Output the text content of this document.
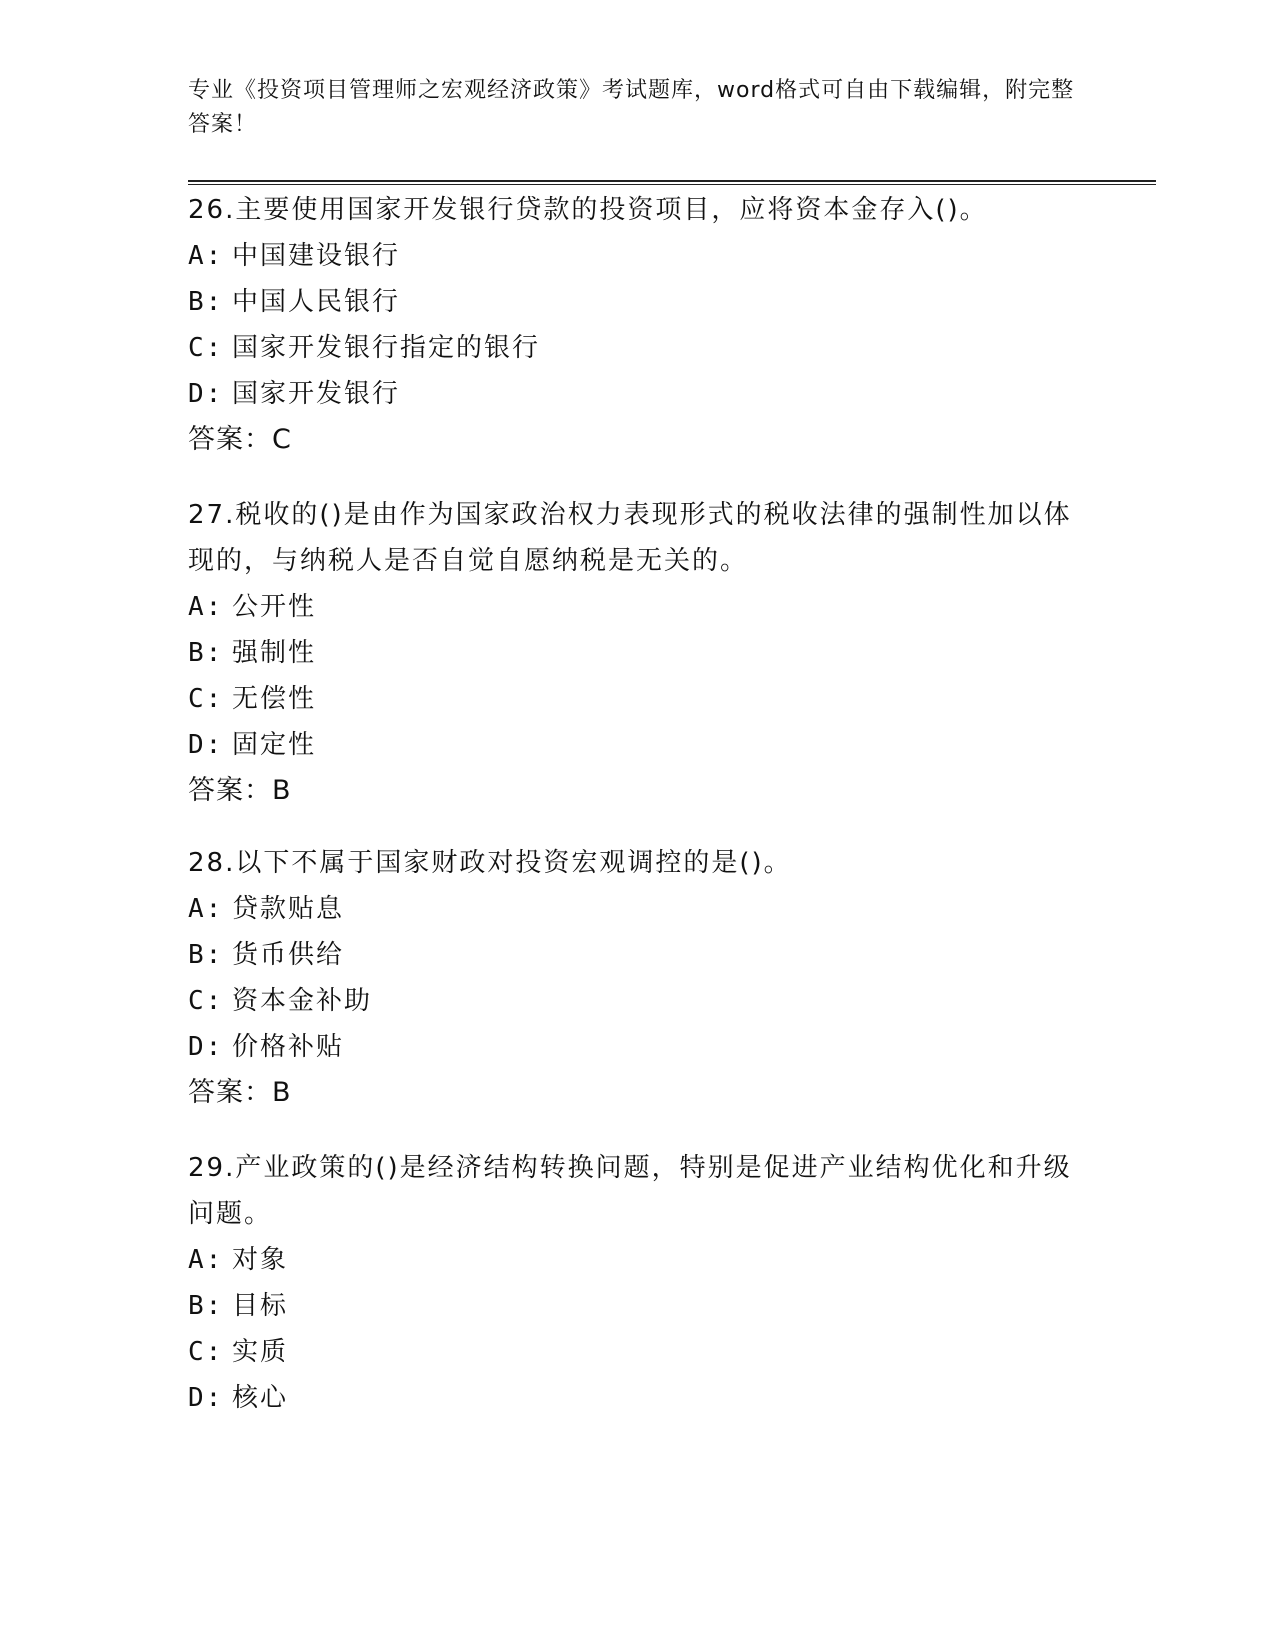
专业《投资项目管理师之宏观经济政策》考试题库，word格式可自由下载编辑，附完整答案！
26.主要使用国家开发银行贷款的投资项目，应将资本金存入()。
A: 中国建设银行
B: 中国人民银行
C: 国家开发银行指定的银行
D: 国家开发银行
答案：C
27.税收的()是由作为国家政治权力表现形式的税收法律的强制性加以体现的，与纳税人是否自觉自愿纳税是无关的。
A: 公开性
B: 强制性
C: 无偿性
D: 固定性
答案：B
28.以下不属于国家财政对投资宏观调控的是()。
A: 贷款贴息
B: 货币供给
C: 资本金补助
D: 价格补贴
答案：B
29.产业政策的()是经济结构转换问题，特别是促进产业结构优化和升级问题。
A: 对象
B: 目标
C: 实质
D: 核心
